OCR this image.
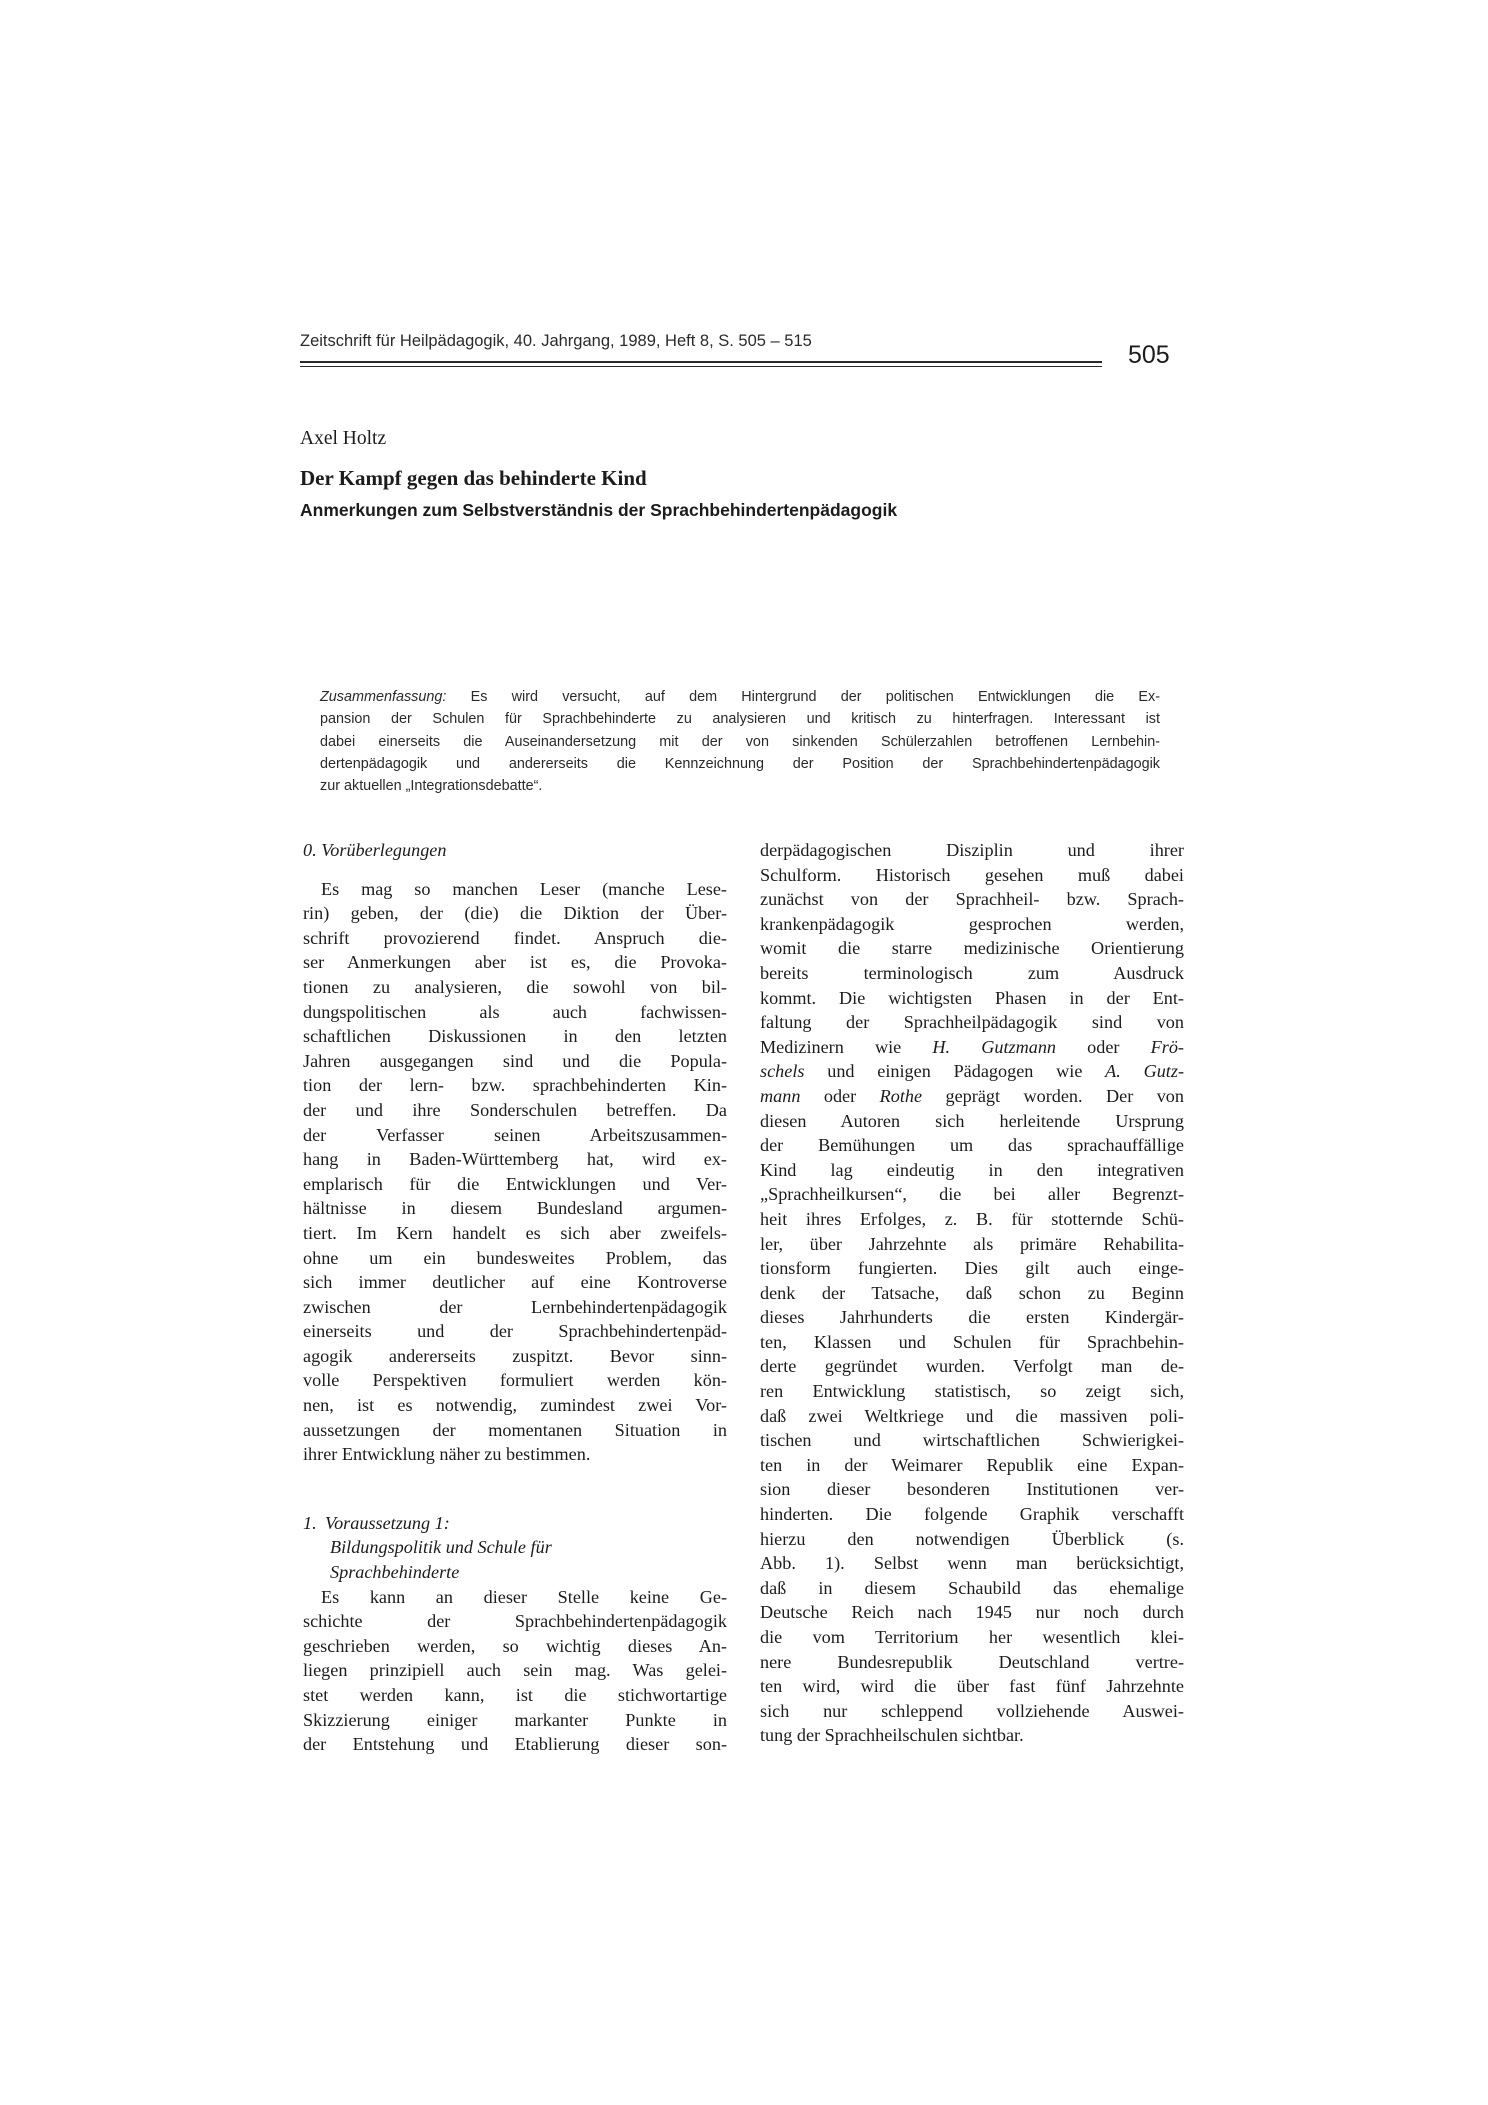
Zeitschrift für Heilpädagogik, 40. Jahrgang, 1989, Heft 8, S. 505 – 515	505
Axel Holtz
Der Kampf gegen das behinderte Kind
Anmerkungen zum Selbstverständnis der Sprachbehindertenpädagogik
Zusammenfassung: Es wird versucht, auf dem Hintergrund der politischen Entwicklungen die Ex-
pansion der Schulen für Sprachbehinderte zu analysieren und kritisch zu hinterfragen. Interessant ist
dabei einerseits die Auseinandersetzung mit der von sinkenden Schülerzahlen betroffenen Lernbehin-
dertenpädagogik und andererseits die Kennzeichnung der Position der Sprachbehindertenpädagogik
zur aktuellen „Integrationsdebatte“.
0. Vorüberlegungen
Es mag so manchen Leser (manche Lese-
rin) geben, der (die) die Diktion der Über-
schrift provozierend findet. Anspruch die-
ser Anmerkungen aber ist es, die Provoka-
tionen zu analysieren, die sowohl von bil-
dungspolitischen als auch fachwissen-
schaftlichen Diskussionen in den letzten
Jahren ausgegangen sind und die Popula-
tion der lern- bzw. sprachbehinderten Kin-
der und ihre Sonderschulen betreffen. Da
der Verfasser seinen Arbeitszusammen-
hang in Baden-Württemberg hat, wird ex-
emplarisch für die Entwicklungen und Ver-
hältnisse in diesem Bundesland argumen-
tiert. Im Kern handelt es sich aber zweifels-
ohne um ein bundesweites Problem, das
sich immer deutlicher auf eine Kontroverse
zwischen der Lernbehindertenpädagogik
einerseits und der Sprachbehindertenpäd-
agogik andererseits zuspitzt. Bevor sinn-
volle Perspektiven formuliert werden kön-
nen, ist es notwendig, zumindest zwei Vor-
aussetzungen der momentanen Situation in
ihrer Entwicklung näher zu bestimmen.
1. Voraussetzung 1:
Bildungspolitik und Schule für
Sprachbehinderte
Es kann an dieser Stelle keine Ge-
schichte der Sprachbehindertenpädagogik
geschrieben werden, so wichtig dieses An-
liegen prinzipiell auch sein mag. Was gelei-
stet werden kann, ist die stichwortartige
Skizzierung einiger markanter Punkte in
der Entstehung und Etablierung dieser son-
derpädagogischen Disziplin und ihrer
Schulform. Historisch gesehen muß dabei
zunächst von der Sprachheil- bzw. Sprach-
krankenpädagogik gesprochen werden,
womit die starre medizinische Orientierung
bereits terminologisch zum Ausdruck
kommt. Die wichtigsten Phasen in der Ent-
faltung der Sprachheilpädagogik sind von
Medizinern wie H. Gutzmann oder Frö-
schels und einigen Pädagogen wie A. Gutz-
mann oder Rothe geprägt worden. Der von
diesen Autoren sich herleitende Ursprung
der Bemühungen um das sprachauffällige
Kind lag eindeutig in den integrativen
„Sprachheilkursen“, die bei aller Begrenzt-
heit ihres Erfolges, z. B. für stotternde Schü-
ler, über Jahrzehnte als primäre Rehabilita-
tionsform fungierten. Dies gilt auch einge-
denk der Tatsache, daß schon zu Beginn
dieses Jahrhunderts die ersten Kindergär-
ten, Klassen und Schulen für Sprachbehin-
derte gegründet wurden. Verfolgt man de-
ren Entwicklung statistisch, so zeigt sich,
daß zwei Weltkriege und die massiven poli-
tischen und wirtschaftlichen Schwierigkei-
ten in der Weimarer Republik eine Expan-
sion dieser besonderen Institutionen ver-
hinderten. Die folgende Graphik verschafft
hierzu den notwendigen Überblick (s.
Abb. 1). Selbst wenn man berücksichtigt,
daß in diesem Schaubild das ehemalige
Deutsche Reich nach 1945 nur noch durch
die vom Territorium her wesentlich klei-
nere Bundesrepublik Deutschland vertre-
ten wird, wird die über fast fünf Jahrzehnte
sich nur schleppend vollziehende Auswei-
tung der Sprachheilschulen sichtbar.
